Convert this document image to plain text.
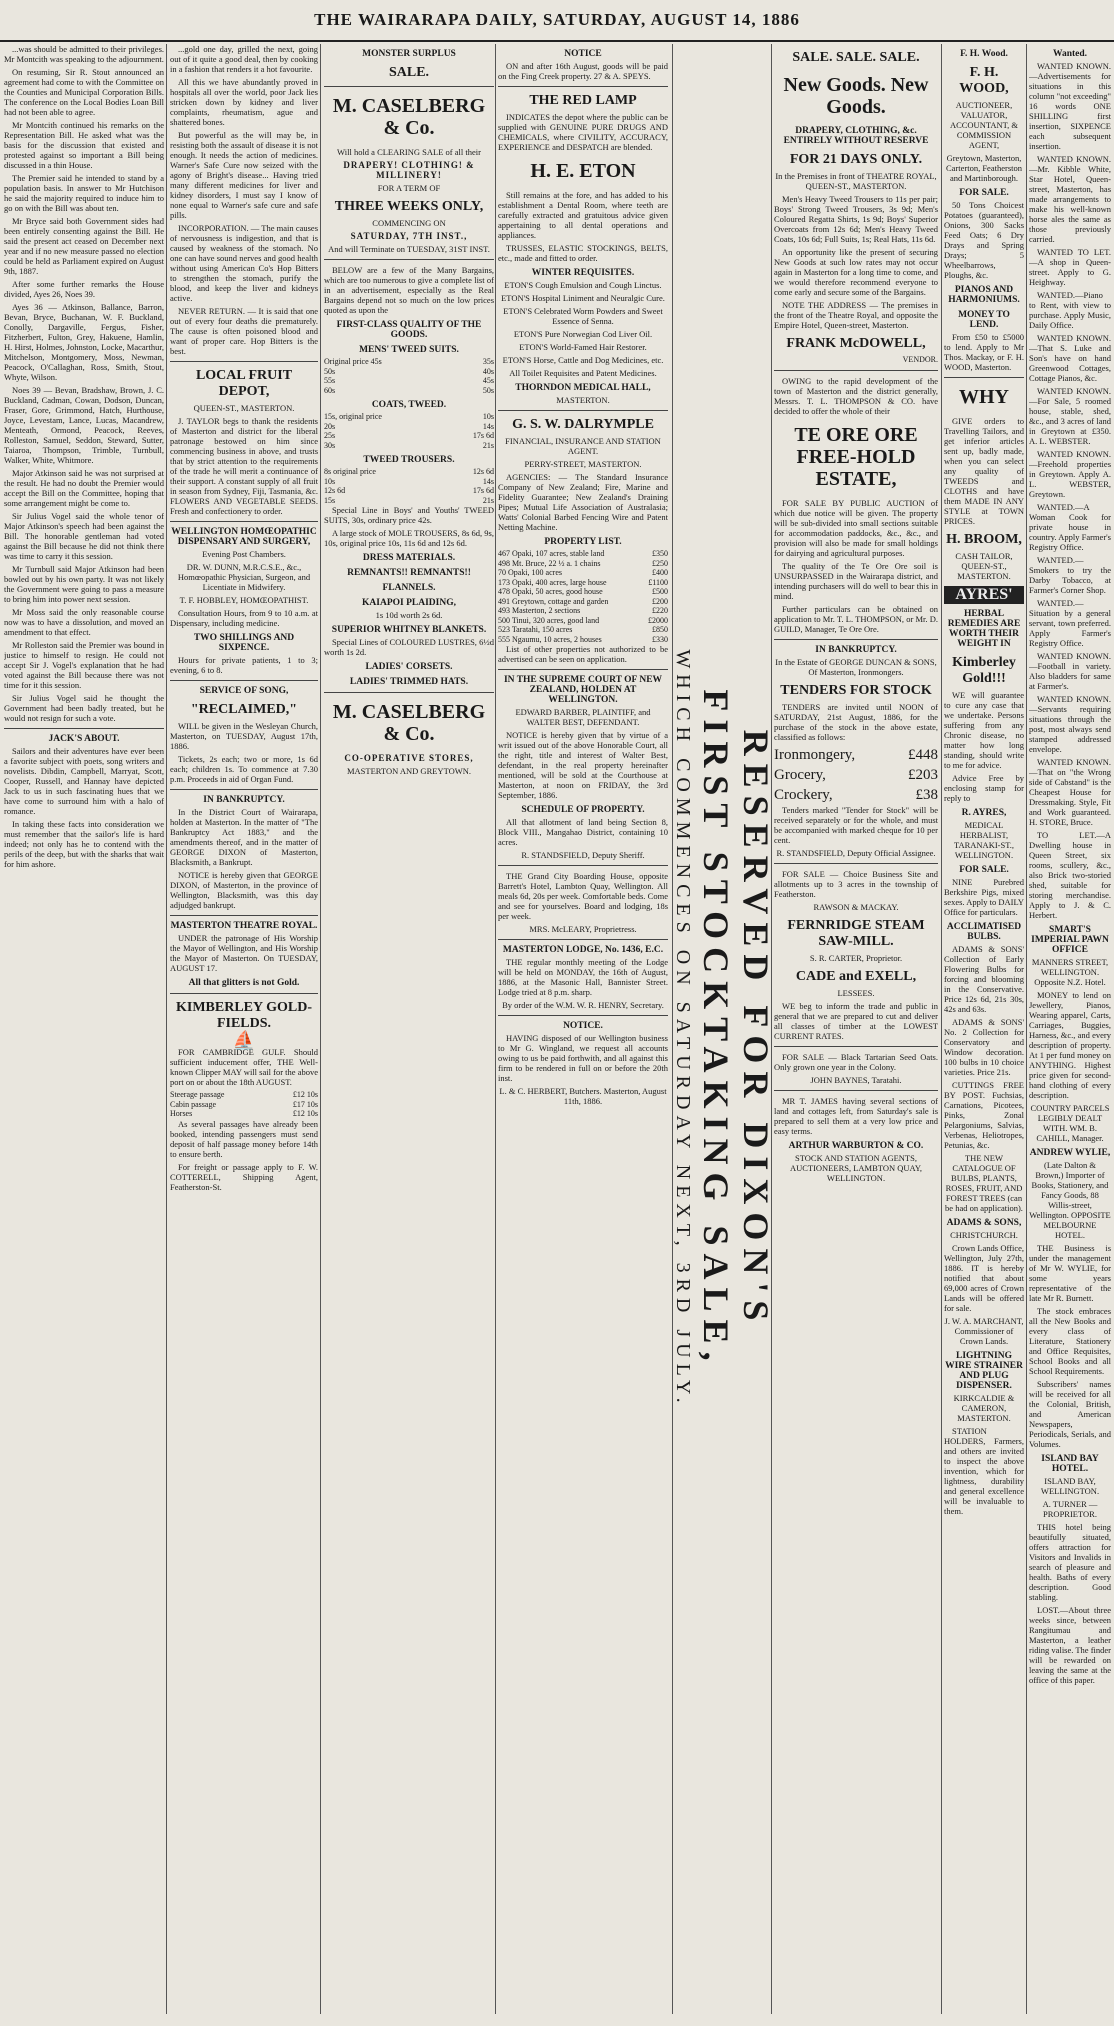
THE WAIRARAPA DAILY, SATURDAY, AUGUST 14, 1886

...was should be admitted to their privileges. Mr Montcith was speaking to the adjournment.

On resuming, Sir R. Stout announced an agreement had come to with the Committee on the Counties and Municipal Corporation Bills. The conference on the Local Bodies Loan Bill had not been able to agree.

Mr Montcith continued his remarks on the Representation Bill. He asked what was the basis for the discussion that existed and protested against so important a Bill being discussed in a thin House.

The Premier said he intended to stand by a population basis. In answer to Mr Hutchison he said the majority required to induce him to go on with the Bill was about ten.

Mr Bryce said both Government sides had been entirely consenting against the Bill. He said the present act ceased on December next year and if no new measure passed no election could be held as Parliament expired on August 9th, 1887.

After some further remarks the House divided, Ayes 26, Noes 39.

Ayes 36 — Atkinson, Ballance, Barron, Bevan, Bryce, Buchanan, W. F. Buckland, Conolly, Dargaville, Fergus, Fisher, Fitzherbert, Fulton, Grey, Hakuene, Hamlin, H. Hirst, Holmes, Johnston, Locke, Macarthur, Mitchelson, Montgomery, Moss, Newman, Peacock, O'Callaghan, Ross, Smith, Stout, Whyte, Wilson.

Noes 39 — Bevan, Bradshaw, Brown, J. C. Buckland, Cadman, Cowan, Dodson, Duncan, Fraser, Gore, Grimmond, Hatch, Hurthouse, Joyce, Levestam, Lance, Lucas, Macandrew, Menteath, Ormond, Peacock, Reeves, Rolleston, Samuel, Seddon, Steward, Sutter, Taiaroa, Thompson, Trimble, Turnbull, Walker, White, Whitmore.

Major Atkinson said he was not surprised at the result. He had no doubt the Premier would accept the Bill on the Committee, hoping that some arrangement might be come to.

Sir Julius Vogel said the whole tenor of Major Atkinson's speech had been against the Bill. The honorable gentleman had voted against the Bill because he did not think there was time to carry it this session.

Mr Turnbull said Major Atkinson had been bowled out by his own party. It was not likely the Government were going to pass a measure to bring him into power next session.

Mr Moss said the only reasonable course now was to have a dissolution, and moved an amendment to that effect.

Mr Rolleston said the Premier was bound in justice to himself to resign. He could not accept Sir J. Vogel's explanation that he had voted against the Bill because there was not time for it this session.

Sir Julius Vogel said he thought the Government had been badly treated, but he would not resign for such a vote.

JACK'S ABOUT.

Sailors and their adventures have ever been a favorite subject with poets, song writers and novelists. Dibdin, Campbell, Marryat, Scott, Cooper, Russell, and Hannay have depicted Jack to us in such fascinating hues that we have come to surround him with a halo of romance.

In taking these facts into consideration we must remember that the sailor's life is hard indeed; not only has he to contend with the perils of the deep, but with the sharks that wait for him ashore.

...gold one day, grilled the next, going out of it quite a good deal, then by cooking in a fashion that renders it a hot favourite.

All this we have abundantly proved in hospitals all over the world, poor Jack lies stricken down by kidney and liver complaints, rheumatism, ague and shattered bones.

But powerful as the will may be, in resisting both the assault of disease it is not enough. It needs the action of medicines. Warner's Safe Cure now seized with the agony of Bright's disease... Having tried many different medicines for liver and kidney disorders, I must say I know of none equal to Warner's safe cure and safe pills.

INCORPORATION. — The main causes of nervousness is indigestion, and that is caused by weakness of the stomach. No one can have sound nerves and good health without using American Co's Hop Bitters to strengthen the stomach, purify the blood, and keep the liver and kidneys active.

NEVER RETURN. — It is said that one out of every four deaths die prematurely. The cause is often poisoned blood and want of proper care. Hop Bitters is the best.

LOCAL FRUIT DEPOT,

QUEEN-ST., MASTERTON.

J. TAYLOR begs to thank the residents of Masterton and district for the liberal patronage bestowed on him since commencing business in above, and trusts that by strict attention to the requirements of the trade he will merit a continuance of their support. A constant supply of all fruit in season from Sydney, Fiji, Tasmania, &c. FLOWERS AND VEGETABLE SEEDS. Fresh and confectionery to order.

WELLINGTON HOMŒOPATHIC DISPENSARY AND SURGERY,

Evening Post Chambers.

DR. W. DUNN, M.R.C.S.E., &c., Homœopathic Physician, Surgeon, and Licentiate in Midwifery.

T. F. HOBBLEY, HOMŒOPATHIST.

Consultation Hours, from 9 to 10 a.m. at Dispensary, including medicine.

TWO SHILLINGS AND SIXPENCE.

Hours for private patients, 1 to 3; evening, 6 to 8.

SERVICE OF SONG,

"RECLAIMED,"

WILL be given in the Wesleyan Church, Masterton, on TUESDAY, August 17th, 1886.

Tickets, 2s each; two or more, 1s 6d each; children 1s. To commence at 7.30 p.m. Proceeds in aid of Organ Fund.

IN BANKRUPTCY.

In the District Court of Wairarapa, holden at Masterton. In the matter of "The Bankruptcy Act 1883," and the amendments thereof, and in the matter of GEORGE DIXON of Masterton, Blacksmith, a Bankrupt.

NOTICE is hereby given that GEORGE DIXON, of Masterton, in the province of Wellington, Blacksmith, was this day adjudged bankrupt.

MASTERTON THEATRE ROYAL.

UNDER the patronage of His Worship the Mayor of Wellington, and His Worship the Mayor of Masterton. On TUESDAY, AUGUST 17.

All that glitters is not Gold.

KIMBERLEY GOLD-FIELDS.

⛵

FOR CAMBRIDGE GULF. Should sufficient inducement offer, THE Well-known Clipper MAY will sail for the above port on or about the 18th AUGUST.

Steerage passage	£12 10s
Cabin passage	£17 10s
Horses	£12 10s

As several passages have already been booked, intending passengers must send deposit of half passage money before 14th to ensure berth.

For freight or passage apply to F. W. COTTERELL, Shipping Agent, Featherston-St.

MONSTER SURPLUS

SALE.

M. CASELBERG & Co.

Will hold a CLEARING SALE of all their

DRAPERY! CLOTHING! & MILLINERY!

FOR A TERM OF

THREE WEEKS ONLY,

COMMENCING ON

SATURDAY, 7TH INST.,

And will Terminate on TUESDAY, 31ST INST.

BELOW are a few of the Many Bargains, which are too numerous to give a complete list of in an advertisement, especially as the Real Bargains depend not so much on the low prices quoted as upon the

FIRST-CLASS QUALITY OF THE GOODS.

MENS' TWEED SUITS.

Original price 45s	35s
50s	40s
55s	45s
60s	50s

COATS, TWEED.

15s, original price	10s
20s	14s
25s	17s 6d
30s	21s

TWEED TROUSERS.

8s original price	12s 6d
10s	14s
12s 6d	17s 6d
15s	21s

Special Line in Boys' and Youths' TWEED SUITS, 30s, ordinary price 42s.

A large stock of MOLE TROUSERS, 8s 6d, 9s, 10s, original price 10s, 11s 6d and 12s 6d.

DRESS MATERIALS.

REMNANTS!! REMNANTS!!

FLANNELS.

KAIAPOI PLAIDING,

1s 10d worth 2s 6d.

SUPERIOR WHITNEY BLANKETS.

Special Lines of COLOURED LUSTRES, 6½d worth 1s 2d.

LADIES' CORSETS.

LADIES' TRIMMED HATS.

M. CASELBERG & Co.

CO-OPERATIVE STORES,

MASTERTON AND GREYTOWN.

NOTICE

ON and after 16th August, goods will be paid on the Fing Creek property. 27 & A. SPEYS.

THE RED LAMP

INDICATES the depot where the public can be supplied with GENUINE PURE DRUGS AND CHEMICALS, where CIVILITY, ACCURACY, EXPERIENCE and DESPATCH are blended.

H. E. ETON

Still remains at the fore, and has added to his establishment a Dental Room, where teeth are carefully extracted and gratuitous advice given appertaining to all dental operations and appliances.

TRUSSES, ELASTIC STOCKINGS, BELTS, etc., made and fitted to order.

WINTER REQUISITES.

ETON'S Cough Emulsion and Cough Linctus.

ETON'S Hospital Liniment and Neuralgic Cure.

ETON'S Celebrated Worm Powders and Sweet Essence of Senna.

ETON'S Pure Norwegian Cod Liver Oil.

ETON'S World-Famed Hair Restorer.

ETON'S Horse, Cattle and Dog Medicines, etc.

All Toilet Requisites and Patent Medicines.

THORNDON MEDICAL HALL,

MASTERTON.

G. S. W. DALRYMPLE

FINANCIAL, INSURANCE AND STATION AGENT.

PERRY-STREET, MASTERTON.

AGENCIES: — The Standard Insurance Company of New Zealand; Fire, Marine and Fidelity Guarantee; New Zealand's Draining Pipes; Mutual Life Association of Australasia; Watts' Colonial Barbed Fencing Wire and Patent Netting Machine.

PROPERTY LIST.

467 Opaki, 107 acres, stable land	£350
498 Mt. Bruce, 22 ½ a. 1 chains	£250
70 Opaki, 100 acres	£400
173 Opaki, 400 acres, large house	£1100
478 Opaki, 50 acres, good house	£500
491 Greytown, cottage and garden	£200
493 Masterton, 2 sections	£220
500 Tinui, 320 acres, good land	£2000
523 Taratahi, 150 acres	£850
555 Ngaumu, 10 acres, 2 houses	£330

List of other properties not authorized to be advertised can be seen on application.

IN THE SUPREME COURT OF NEW ZEALAND, HOLDEN AT WELLINGTON.

EDWARD BARBER, PLAINTIFF, and WALTER BEST, DEFENDANT.

NOTICE is hereby given that by virtue of a writ issued out of the above Honorable Court, all the right, title and interest of Walter Best, defendant, in the real property hereinafter mentioned, will be sold at the Courthouse at Masterton, at noon on FRIDAY, the 3rd September, 1886.

SCHEDULE OF PROPERTY.

All that allotment of land being Section 8, Block VIII., Mangahao District, containing 10 acres.

R. STANDSFIELD, Deputy Sheriff.

THE Grand City Boarding House, opposite Barrett's Hotel, Lambton Quay, Wellington. All meals 6d, 20s per week. Comfortable beds. Come and see for yourselves. Board and lodging, 18s per week.

MRS. McLEARY, Proprietress.

MASTERTON LODGE, No. 1436, E.C.

THE regular monthly meeting of the Lodge will be held on MONDAY, the 16th of August, 1886, at the Masonic Hall, Bannister Street. Lodge tried at 8 p.m. sharp.

By order of the W.M. W. R. HENRY, Secretary.

NOTICE.

HAVING disposed of our Wellington business to Mr G. Wingland, we request all accounts owing to us be paid forthwith, and all against this firm to be rendered in full on or before the 20th inst.

L. & C. HERBERT, Butchers. Masterton, August 11th, 1886.	RESERVED FOR DIXON'S
FIRST STOCKTAKING SALE,
WHICH COMMENCES ON SATURDAY NEXT, 3RD JULY.

SALE. SALE. SALE.

New Goods. New Goods.

DRAPERY, CLOTHING, &c. ENTIRELY WITHOUT RESERVE

FOR 21 DAYS ONLY.

In the Premises in front of THEATRE ROYAL, QUEEN-ST., MASTERTON.

Men's Heavy Tweed Trousers to 11s per pair; Boys' Strong Tweed Trousers, 3s 9d; Men's Coloured Regatta Shirts, 1s 9d; Boys' Superior Overcoats from 12s 6d; Men's Heavy Tweed Coats, 10s 6d; Full Suits, 1s; Real Hats, 11s 6d.

An opportunity like the present of securing New Goods at such low rates may not occur again in Masterton for a long time to come, and we would therefore recommend everyone to come early and secure some of the Bargains.

NOTE THE ADDRESS — The premises in the front of the Theatre Royal, and opposite the Empire Hotel, Queen-street, Masterton.

FRANK McDOWELL,

VENDOR.

OWING to the rapid development of the town of Masterton and the district generally, Messrs. T. L. THOMPSON & CO. have decided to offer the whole of their

TE ORE ORE FREE-HOLD ESTATE,

FOR SALE BY PUBLIC AUCTION of which due notice will be given. The property will be sub-divided into small sections suitable for accommodation paddocks, &c., &c., and provision will also be made for small holdings for dairying and agricultural purposes.

The quality of the Te Ore Ore soil is UNSURPASSED in the Wairarapa district, and intending purchasers will do well to bear this in mind.

Further particulars can be obtained on application to Mr. T. L. THOMPSON, or Mr. D. GUILD, Manager, Te Ore Ore.

IN BANKRUPTCY.

In the Estate of GEORGE DUNCAN & SONS, Of Masterton, Ironmongers.

TENDERS FOR STOCK

TENDERS are invited until NOON of SATURDAY, 21st August, 1886, for the purchase of the stock in the above estate, classified as follows:

Ironmongery,	£448
Grocery,	£203
Crockery,	£38

Tenders marked "Tender for Stock" will be received separately or for the whole, and must be accompanied with marked cheque for 10 per cent.

R. STANDSFIELD, Deputy Official Assignee.

FOR SALE — Choice Business Site and allotments up to 3 acres in the township of Featherston.

RAWSON & MACKAY.

FERNRIDGE STEAM SAW-MILL.

S. R. CARTER, Proprietor.

CADE and EXELL,

LESSEES.

WE beg to inform the trade and public in general that we are prepared to cut and deliver all classes of timber at the LOWEST CURRENT RATES.

FOR SALE — Black Tartarian Seed Oats. Only grown one year in the Colony.

JOHN BAYNES, Taratahi.

MR T. JAMES having several sections of land and cottages left, from Saturday's sale is prepared to sell them at a very low price and easy terms.

ARTHUR WARBURTON & CO.

STOCK AND STATION AGENTS, AUCTIONEERS, LAMBTON QUAY, WELLINGTON.

F. H. Wood.

F. H. WOOD,

AUCTIONEER, VALUATOR, ACCOUNTANT, & COMMISSION AGENT,

Greytown, Masterton, Carterton, Featherston and Martinborough.

FOR SALE.

50 Tons Choicest Potatoes (guaranteed), Onions, 300 Sacks Feed Oats; 6 Dry Drays and Spring Drays; 5 Wheelbarrows, Ploughs, &c.

PIANOS AND HARMONIUMS.

MONEY TO LEND.

From £50 to £5000 to lend. Apply to Mr Thos. Mackay, or F. H. WOOD, Masterton.

WHY

GIVE orders to Travelling Tailors, and get inferior articles sent up, badly made, when you can select any quality of TWEEDS and CLOTHS and have them MADE IN ANY STYLE at TOWN PRICES.

H. BROOM,

CASH TAILOR, QUEEN-ST., MASTERTON.

AYRES'

HERBAL REMEDIES ARE WORTH THEIR WEIGHT IN

Kimberley Gold!!!

WE will guarantee to cure any case that we undertake. Persons suffering from any Chronic disease, no matter how long standing, should write to me for advice.

Advice Free by enclosing stamp for reply to

R. AYRES,

MEDICAL HERBALIST, TARANAKI-ST., WELLINGTON.

FOR SALE.

NINE Purebred Berkshire Pigs, mixed sexes. Apply to DAILY Office for particulars.

ACCLIMATISED BULBS.

ADAMS & SONS' Collection of Early Flowering Bulbs for forcing and blooming in the Conservative. Price 12s 6d, 21s 30s, 42s and 63s.

ADAMS & SONS' No. 2 Collection for Conservatory and Window decoration. 100 bulbs in 10 choice varieties. Price 21s.

CUTTINGS FREE BY POST. Fuchsias, Carnations, Picotees, Pinks, Zonal Pelargoniums, Salvias, Verbenas, Heliotropes, Petunias, &c.

THE NEW CATALOGUE OF BULBS, PLANTS, ROSES, FRUIT, AND FOREST TREES (can be had on application).

ADAMS & SONS,

CHRISTCHURCH.

Crown Lands Office, Wellington, July 27th, 1886. IT is hereby notified that about 69,000 acres of Crown Lands will be offered for sale.

J. W. A. MARCHANT, Commissioner of Crown Lands.

LIGHTNING WIRE STRAINER AND PLUG DISPENSER.

KIRKCALDIE & CAMERON, MASTERTON.

STATION HOLDERS, Farmers, and others are invited to inspect the above invention, which for lightness, durability and general excellence will be invaluable to them.

Wanted.

WANTED KNOWN.—Advertisements for situations in this column "not exceeding" 16 words ONE SHILLING first insertion, SIXPENCE each subsequent insertion.

WANTED KNOWN.—Mr. Kibble White, Star Hotel, Queen-street, Masterton, has made arrangements to make his well-known horse ales the same as those previously carried.

WANTED TO LET.—A shop in Queen-street. Apply to G. Heighway.

WANTED.—Piano to Rent, with view to purchase. Apply Music, Daily Office.

WANTED KNOWN.—That S. Luke and Son's have on hand Greenwood Cottages, Cottage Pianos, &c.

WANTED KNOWN.—For Sale, 5 roomed house, stable, shed, &c., and 3 acres of land in Greytown at £350. A. L. WEBSTER.

WANTED KNOWN.—Freehold properties in Greytown. Apply A. L. WEBSTER, Greytown.

WANTED.—A Woman Cook for private house in country. Apply Farmer's Registry Office.

WANTED.—Smokers to try the Darby Tobacco, at Farmer's Corner Shop.

WANTED.—Situation by a general servant, town preferred. Apply Farmer's Registry Office.

WANTED KNOWN.—Football in variety. Also bladders for same at Farmer's.

WANTED KNOWN.—Servants requiring situations through the post, most always send stamped addressed envelope.

WANTED KNOWN.—That on "the Wrong side of Cabstand" is the Cheapest House for Dressmaking. Style, Fit and Work guaranteed. H. STORE, Bruce.

TO LET.—A Dwelling house in Queen Street, six rooms, scullery, &c., also Brick two-storied shed, suitable for storing merchandise. Apply to J. & C. Herbert.

SMART'S IMPERIAL PAWN OFFICE

MANNERS STREET, WELLINGTON. Opposite N.Z. Hotel.

MONEY to lend on Jewellery, Pianos, Wearing apparel, Carts, Carriages, Buggies, Harness, &c., and every description of property. At 1 per fund money on ANYTHING. Highest price given for second-hand clothing of every description.

COUNTRY PARCELS LEGIBLY DEALT WITH. WM. B. CAHILL, Manager.

ANDREW WYLIE,

(Late Dalton & Brown,) Importer of Books, Stationery, and Fancy Goods, 88 Willis-street, Wellington. OPPOSITE MELBOURNE HOTEL.

THE Business is under the management of Mr W. WYLIE, for some years representative of the late Mr R. Burnett.

The stock embraces all the New Books and every class of Literature, Stationery and Office Requisites, School Books and all School Requirements.

Subscribers' names will be received for all the Colonial, British, and American Newspapers, Periodicals, Serials, and Volumes.

ISLAND BAY HOTEL.

ISLAND BAY, WELLINGTON.

A. TURNER — PROPRIETOR.

THIS hotel being beautifully situated, offers attraction for Visitors and Invalids in search of pleasure and health. Baths of every description. Good stabling.

LOST.—About three weeks since, between Rangitumau and Masterton, a leather riding valise. The finder will be rewarded on leaving the same at the office of this paper.
